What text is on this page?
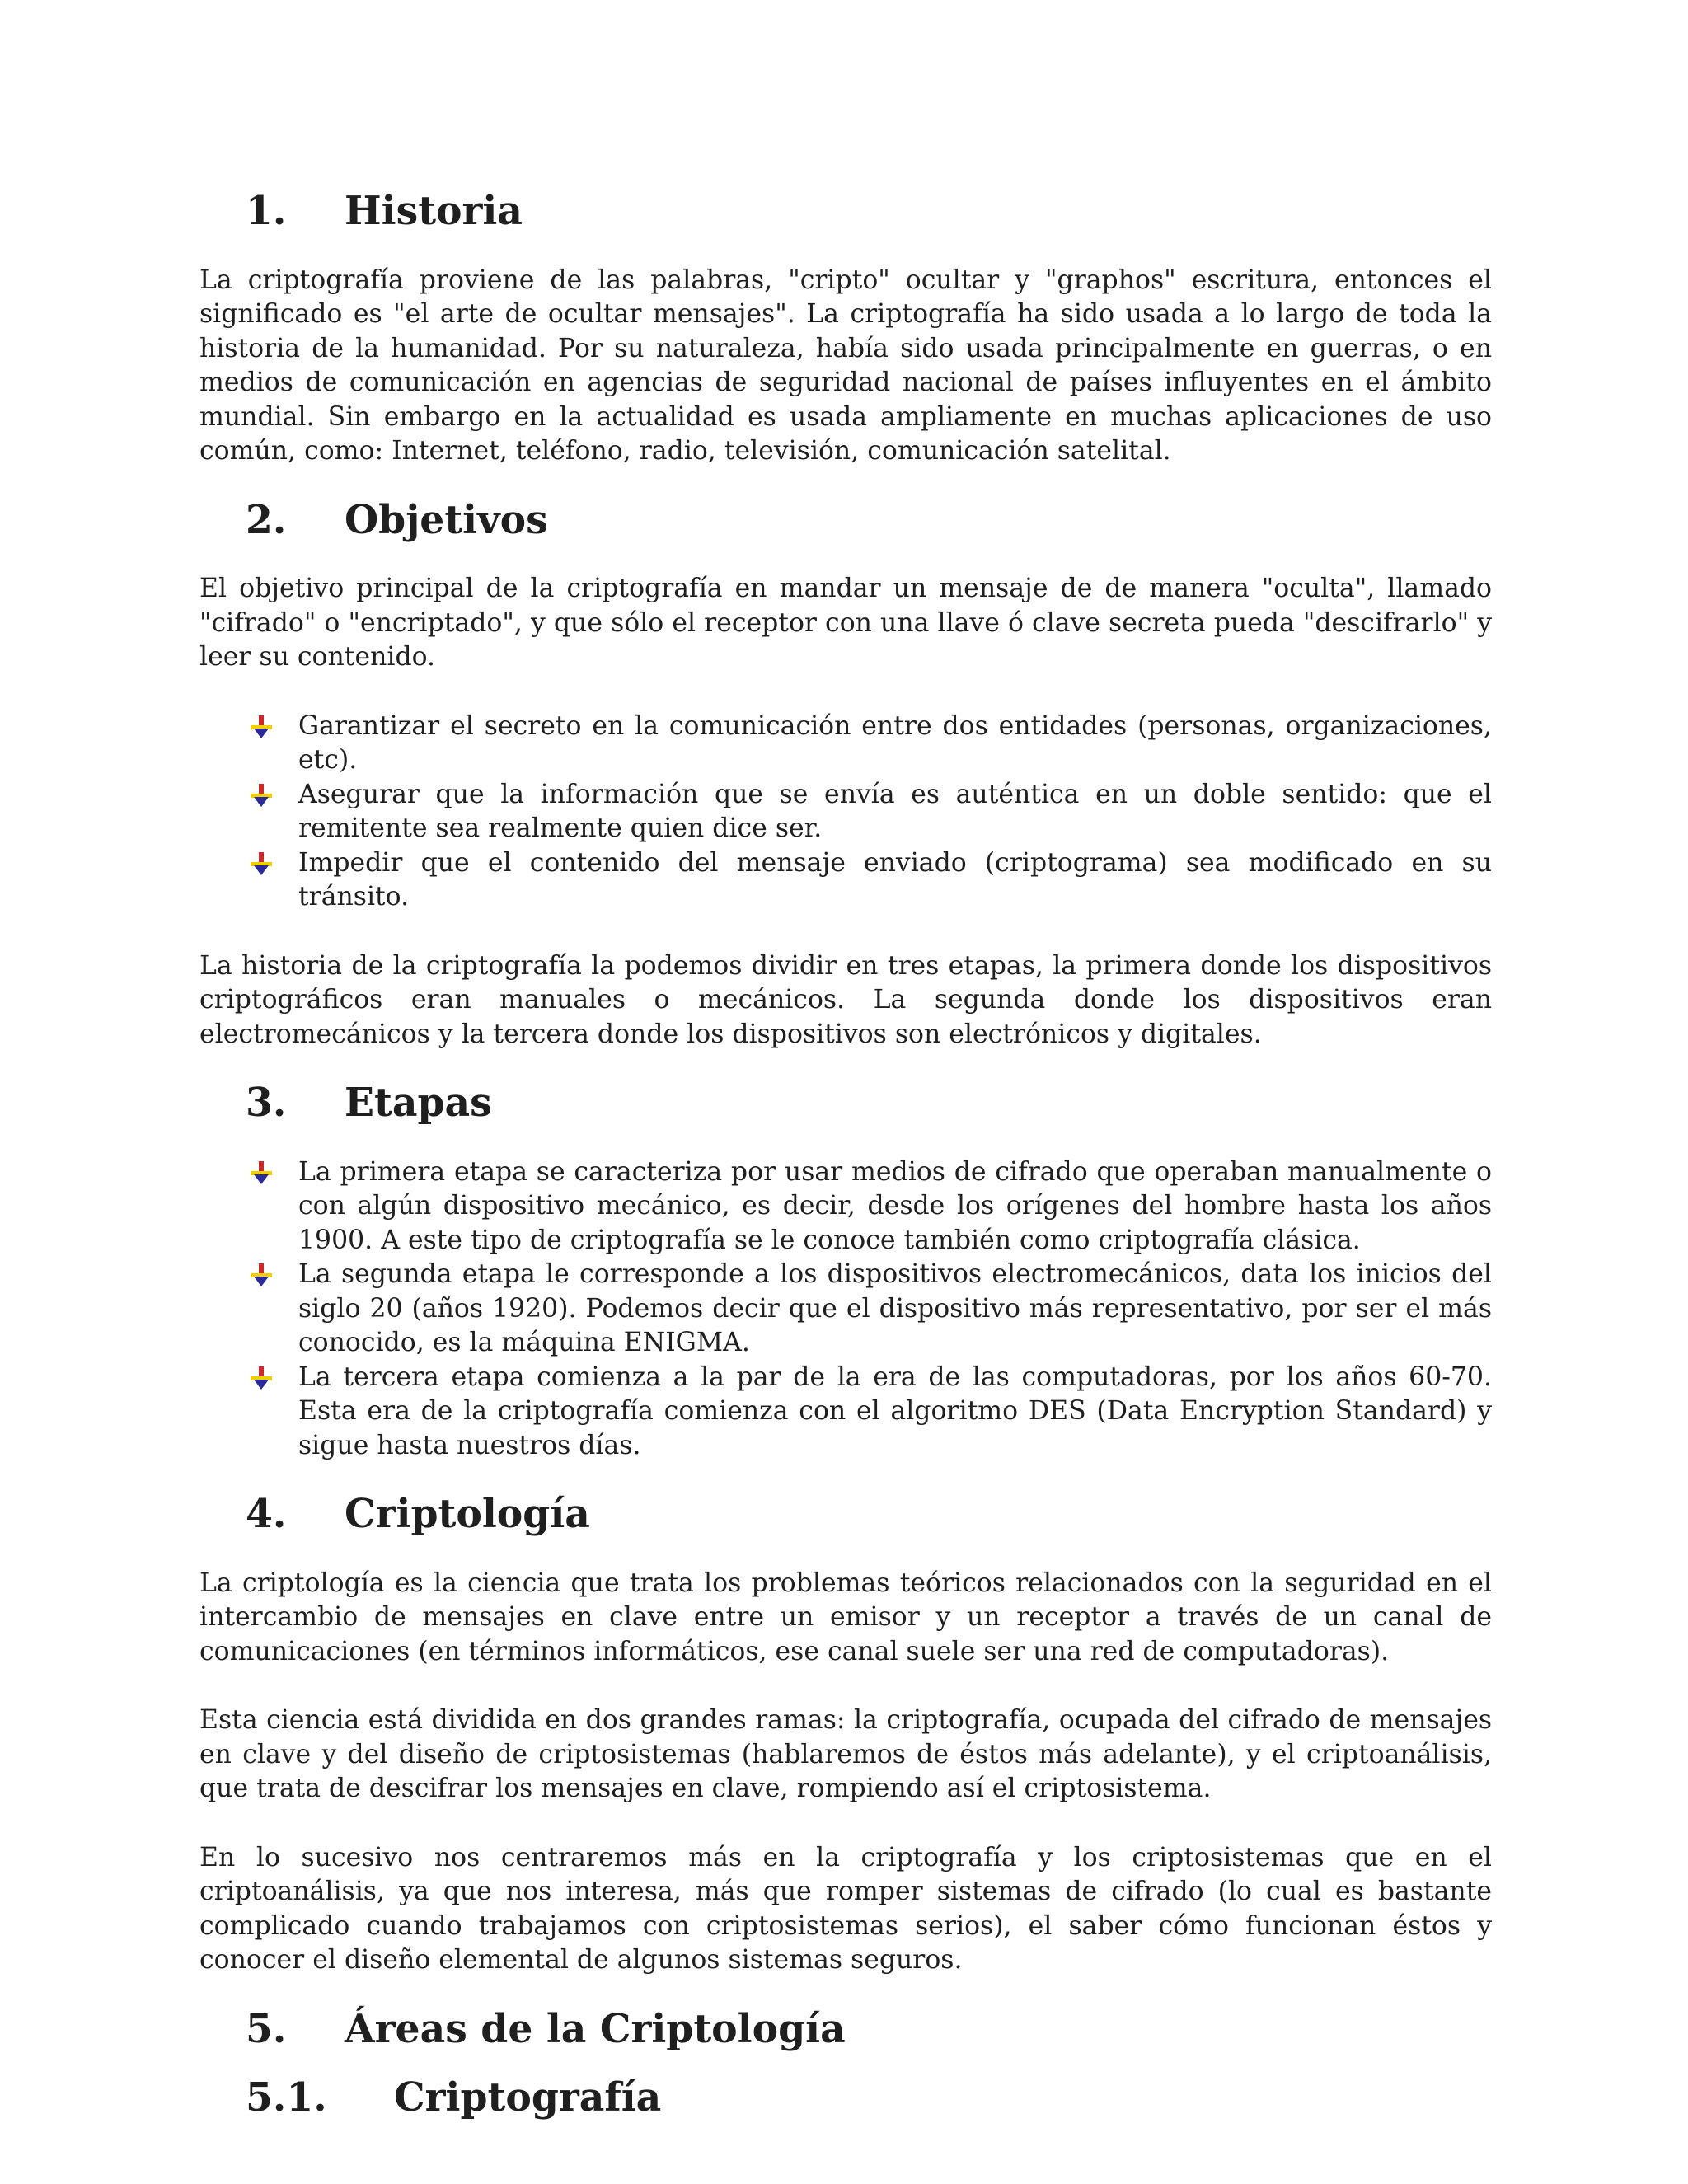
1.	Historia

La criptografía proviene de las palabras, "cripto" ocultar y "graphos" escritura, entonces el significado es "el arte de ocultar mensajes". La criptografía ha sido usada a lo largo de toda la historia de la humanidad. Por su naturaleza, había sido usada principalmente en guerras, o en medios de comunicación en agencias de seguridad nacional de países influyentes en el ámbito mundial. Sin embargo en la actualidad es usada ampliamente en muchas aplicaciones de uso común, como: Internet, teléfono, radio, televisión, comunicación satelital.

2.	Objetivos

El objetivo principal de la criptografía en mandar un mensaje de de manera "oculta", llamado "cifrado" o "encriptado", y que sólo el receptor con una llave ó clave secreta pueda "descifrarlo" y leer su contenido.

Garantizar el secreto en la comunicación entre dos entidades (personas, organizaciones, etc).
Asegurar que la información que se envía es auténtica en un doble sentido: que el remitente sea realmente quien dice ser.
Impedir que el contenido del mensaje enviado (criptograma) sea modificado en su tránsito.

La historia de la criptografía la podemos dividir en tres etapas, la primera donde los dispositivos criptográficos eran manuales o mecánicos. La segunda donde los dispositivos eran electromecánicos y la tercera donde los dispositivos son electrónicos y digitales.

3.	Etapas
La primera etapa se caracteriza por usar medios de cifrado que operaban manualmente o con algún dispositivo mecánico, es decir, desde los orígenes del hombre hasta los años 1900. A este tipo de criptografía se le conoce también como criptografía clásica.
La segunda etapa le corresponde a los dispositivos electromecánicos, data los inicios del siglo 20 (años 1920). Podemos decir que el dispositivo más representativo, por ser el más conocido, es la máquina ENIGMA.
La tercera etapa comienza a la par de la era de las computadoras, por los años 60-70. Esta era de la criptografía comienza con el algoritmo DES (Data Encryption Standard) y sigue hasta nuestros días.
4.	Criptología

La criptología es la ciencia que trata los problemas teóricos relacionados con la seguridad en el intercambio de mensajes en clave entre un emisor y un receptor a través de un canal de comunicaciones (en términos informáticos, ese canal suele ser una red de computadoras).

Esta ciencia está dividida en dos grandes ramas: la criptografía, ocupada del cifrado de mensajes en clave y del diseño de criptosistemas (hablaremos de éstos más adelante), y el criptoanálisis, que trata de descifrar los mensajes en clave, rompiendo así el criptosistema.

En lo sucesivo nos centraremos más en la criptografía y los criptosistemas que en el criptoanálisis, ya que nos interesa, más que romper sistemas de cifrado (lo cual es bastante complicado cuando trabajamos con criptosistemas serios), el saber cómo funcionan éstos y conocer el diseño elemental de algunos sistemas seguros.

5.	Áreas de la Criptología
5.1.	Criptografía
